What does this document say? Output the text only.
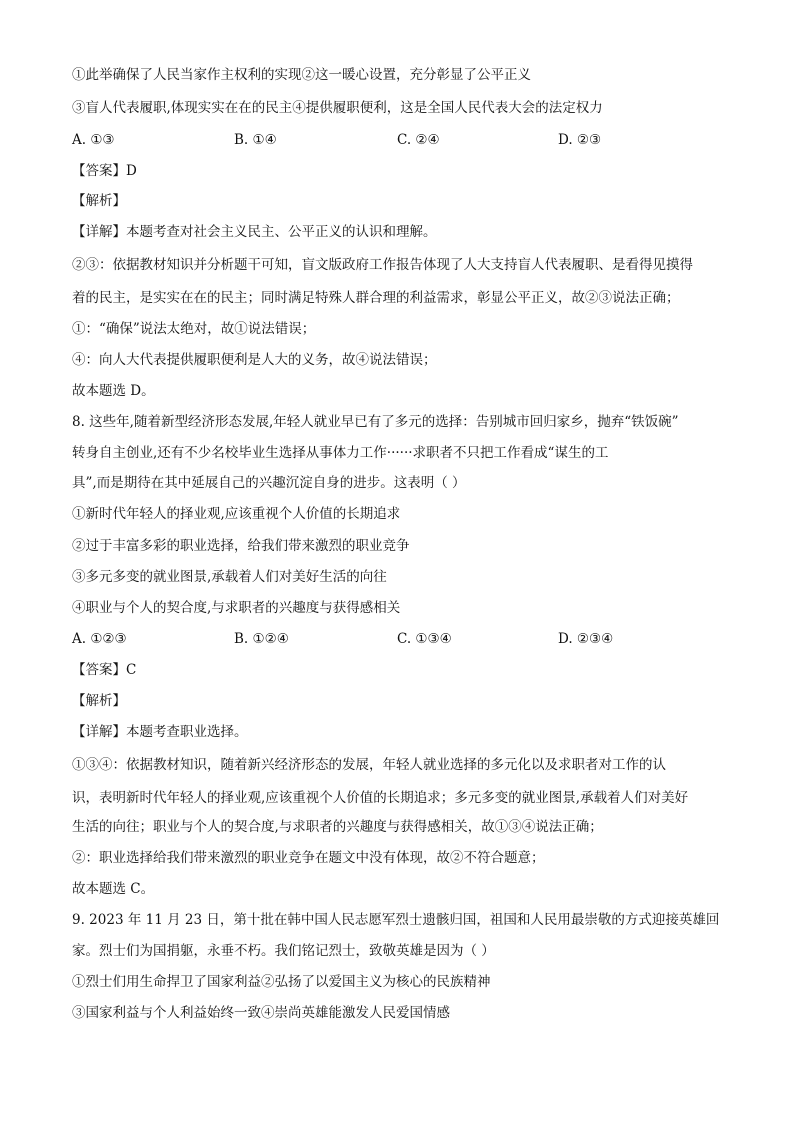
①此举确保了人民当家作主权利的实现②这一暖心设置，充分彰显了公平正义
③盲人代表履职,体现实实在在的民主④提供履职便利，这是全国人民代表大会的法定权力
A. ①③	B. ①④	C. ②④	D. ②③
【答案】D
【解析】
【详解】本题考查对社会主义民主、公平正义的认识和理解。
②③：依据教材知识并分析题干可知，盲文版政府工作报告体现了人大支持盲人代表履职、是看得见摸得
着的民主，是实实在在的民主；同时满足特殊人群合理的利益需求，彰显公平正义，故②③说法正确；
①：“确保”说法太绝对，故①说法错误；
④：向人大代表提供履职便利是人大的义务，故④说法错误；
故本题选 D。
8. 这些年,随着新型经济形态发展,年轻人就业早已有了多元的选择：告别城市回归家乡，抛弃“铁饭碗”
转身自主创业,还有不少名校毕业生选择从事体力工作······求职者不只把工作看成“谋生的工
具”,而是期待在其中延展自己的兴趣沉淀自身的进步。这表明（ ）
①新时代年轻人的择业观,应该重视个人价值的长期追求
②过于丰富多彩的职业选择，给我们带来激烈的职业竞争
③多元多变的就业图景,承载着人们对美好生活的向往
④职业与个人的契合度,与求职者的兴趣度与获得感相关
A. ①②③	B. ①②④	C. ①③④	D. ②③④
【答案】C
【解析】
【详解】本题考查职业选择。
①③④：依据教材知识，随着新兴经济形态的发展，年轻人就业选择的多元化以及求职者对工作的认
识，表明新时代年轻人的择业观,应该重视个人价值的长期追求；多元多变的就业图景,承载着人们对美好
生活的向往；职业与个人的契合度,与求职者的兴趣度与获得感相关，故①③④说法正确；
②：职业选择给我们带来激烈的职业竞争在题文中没有体现，故②不符合题意；
故本题选 C。
9. 2023 年 11 月 23 日，第十批在韩中国人民志愿军烈士遗骸归国，祖国和人民用最崇敬的方式迎接英雄回
家。烈士们为国捐躯，永垂不朽。我们铭记烈士，致敬英雄是因为（ ）
①烈士们用生命捍卫了国家利益②弘扬了以爱国主义为核心的民族精神
③国家利益与个人利益始终一致④崇尚英雄能激发人民爱国情感
